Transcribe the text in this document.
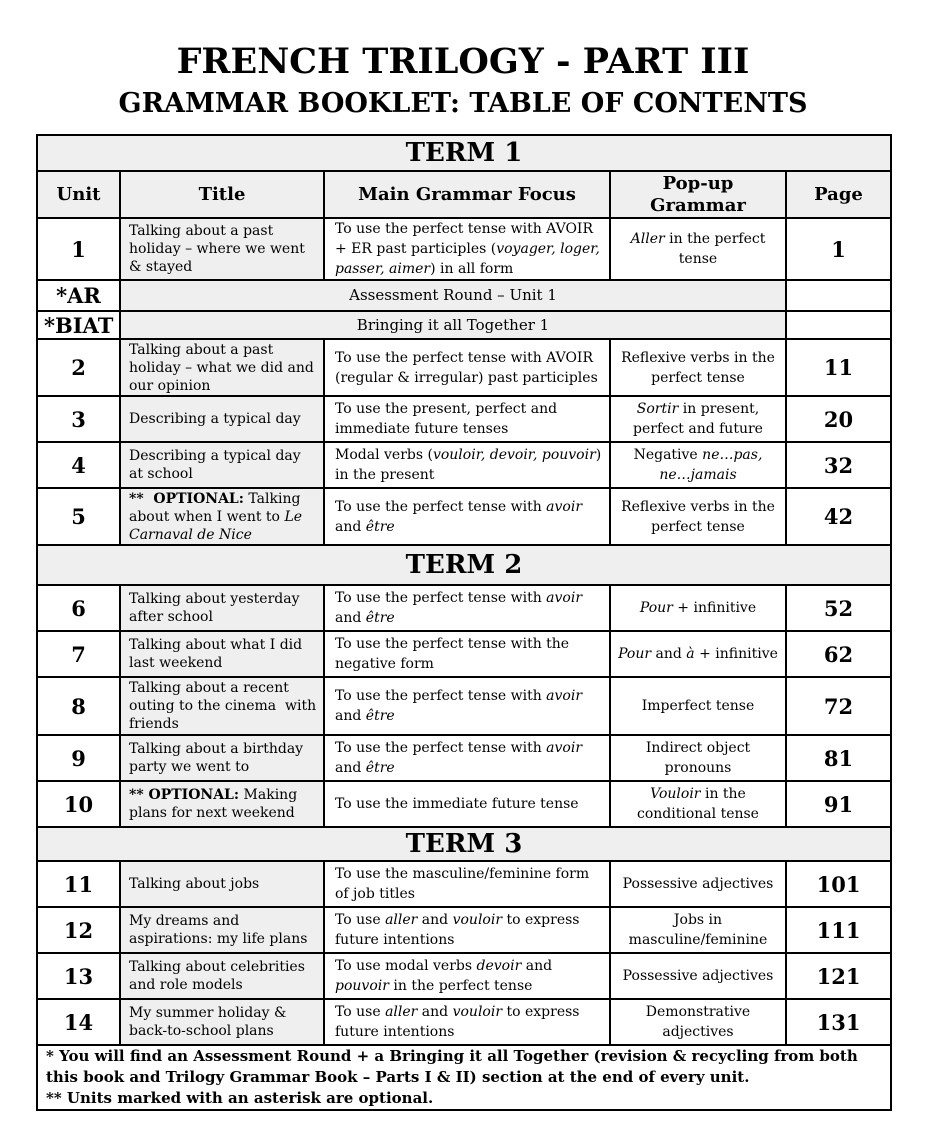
FRENCH TRILOGY - PART III
GRAMMAR BOOKLET: TABLE OF CONTENTS
TERM 1				
Unit	Title	Main Grammar Focus	Pop-up Grammar	Page
1	Talking about a past holiday – where we went & stayed	To use the perfect tense with AVOIR + ER past participles (voyager, loger, passer, aimer) in all form	Aller in the perfect tense	1
*AR	Assessment Round – Unit 1			
*BIAT	Bringing it all Together 1			
2	Talking about a past holiday – what we did and our opinion	To use the perfect tense with AVOIR (regular & irregular) past participles	Reflexive verbs in the perfect tense	11
3	Describing a typical day	To use the present, perfect and immediate future tenses	Sortir in present, perfect and future	20
4	Describing a typical day at school	Modal verbs (vouloir, devoir, pouvoir) in the present	Negative ne…pas, ne…jamais	32
5	**  OPTIONAL: Talking about when I went to Le Carnaval de Nice	To use the perfect tense with avoir and être	Reflexive verbs in the perfect tense	42
TERM 2				
6	Talking about yesterday after school	To use the perfect tense with avoir and être	Pour + infinitive	52
7	Talking about what I did last weekend	To use the perfect tense with the negative form	Pour and à + infinitive	62
8	Talking about a recent outing to the cinema  with friends	To use the perfect tense with avoir and être	Imperfect tense	72
9	Talking about a birthday party we went to	To use the perfect tense with avoir and être	Indirect object pronouns	81
10	** OPTIONAL: Making plans for next weekend	To use the immediate future tense	Vouloir in the conditional tense	91
TERM 3				
11	Talking about jobs	To use the masculine/feminine form of job titles	Possessive adjectives	101
12	My dreams and aspirations: my life plans	To use aller and vouloir to express future intentions	Jobs in masculine/feminine	111
13	Talking about celebrities and role models	To use modal verbs devoir and pouvoir in the perfect tense	Possessive adjectives	121
14	My summer holiday & back-to-school plans	To use aller and vouloir to express future intentions	Demonstrative adjectives	131

* You will find an Assessment Round + a Bringing it all Together (revision & recycling from both this book and Trilogy Grammar Book – Parts I & II) section at the end of every unit.
** Units marked with an asterisk are optional.				
